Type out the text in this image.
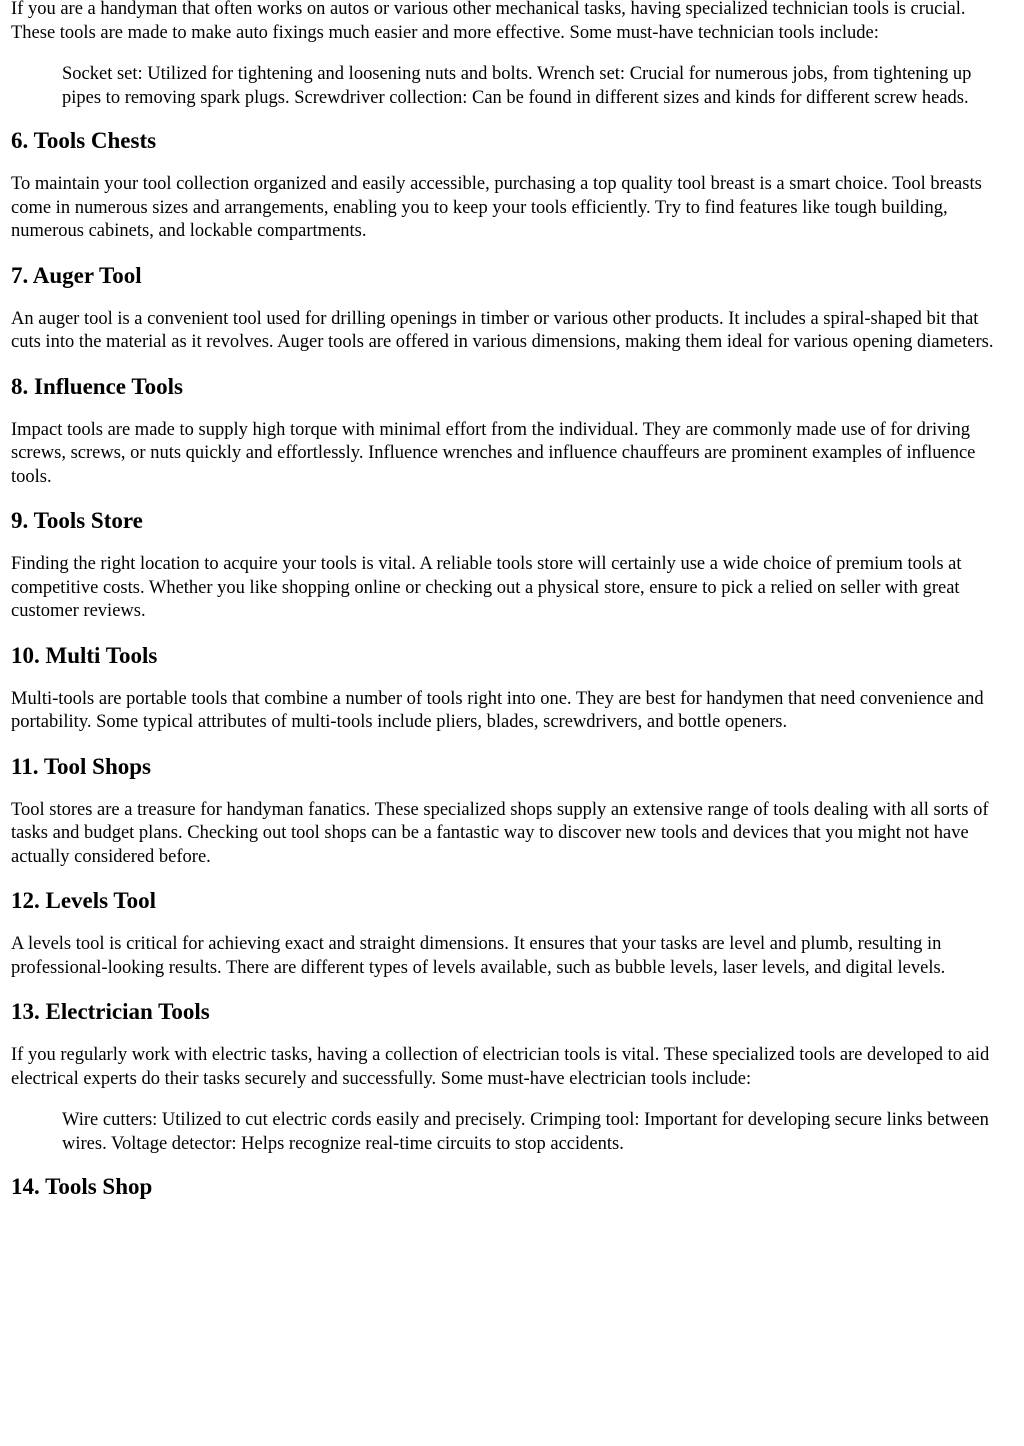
If you are a handyman that often works on autos or various other mechanical tasks, having specialized technician tools is crucial. These tools are made to make auto fixings much easier and more effective. Some must-have technician tools include:

Socket set: Utilized for tightening and loosening nuts and bolts. Wrench set: Crucial for numerous jobs, from tightening up pipes to removing spark plugs. Screwdriver collection: Can be found in different sizes and kinds for different screw heads.

6. Tools Chests

To maintain your tool collection organized and easily accessible, purchasing a top quality tool breast is a smart choice. Tool breasts come in numerous sizes and arrangements, enabling you to keep your tools efficiently. Try to find features like tough building, numerous cabinets, and lockable compartments.

7. Auger Tool

An auger tool is a convenient tool used for drilling openings in timber or various other products. It includes a spiral-shaped bit that cuts into the material as it revolves. Auger tools are offered in various dimensions, making them ideal for various opening diameters.

8. Influence Tools

Impact tools are made to supply high torque with minimal effort from the individual. They are commonly made use of for driving screws, screws, or nuts quickly and effortlessly. Influence wrenches and influence chauffeurs are prominent examples of influence tools.

9. Tools Store

Finding the right location to acquire your tools is vital. A reliable tools store will certainly use a wide choice of premium tools at competitive costs. Whether you like shopping online or checking out a physical store, ensure to pick a relied on seller with great customer reviews.

10. Multi Tools

Multi-tools are portable tools that combine a number of tools right into one. They are best for handymen that need convenience and portability. Some typical attributes of multi-tools include pliers, blades, screwdrivers, and bottle openers.

11. Tool Shops

Tool stores are a treasure for handyman fanatics. These specialized shops supply an extensive range of tools dealing with all sorts of tasks and budget plans. Checking out tool shops can be a fantastic way to discover new tools and devices that you might not have actually considered before.

12. Levels Tool

A levels tool is critical for achieving exact and straight dimensions. It ensures that your tasks are level and plumb, resulting in professional-looking results. There are different types of levels available, such as bubble levels, laser levels, and digital levels.

13. Electrician Tools

If you regularly work with electric tasks, having a collection of electrician tools is vital. These specialized tools are developed to aid electrical experts do their tasks securely and successfully. Some must-have electrician tools include:

Wire cutters: Utilized to cut electric cords easily and precisely. Crimping tool: Important for developing secure links between wires. Voltage detector: Helps recognize real-time circuits to stop accidents.

14. Tools Shop
